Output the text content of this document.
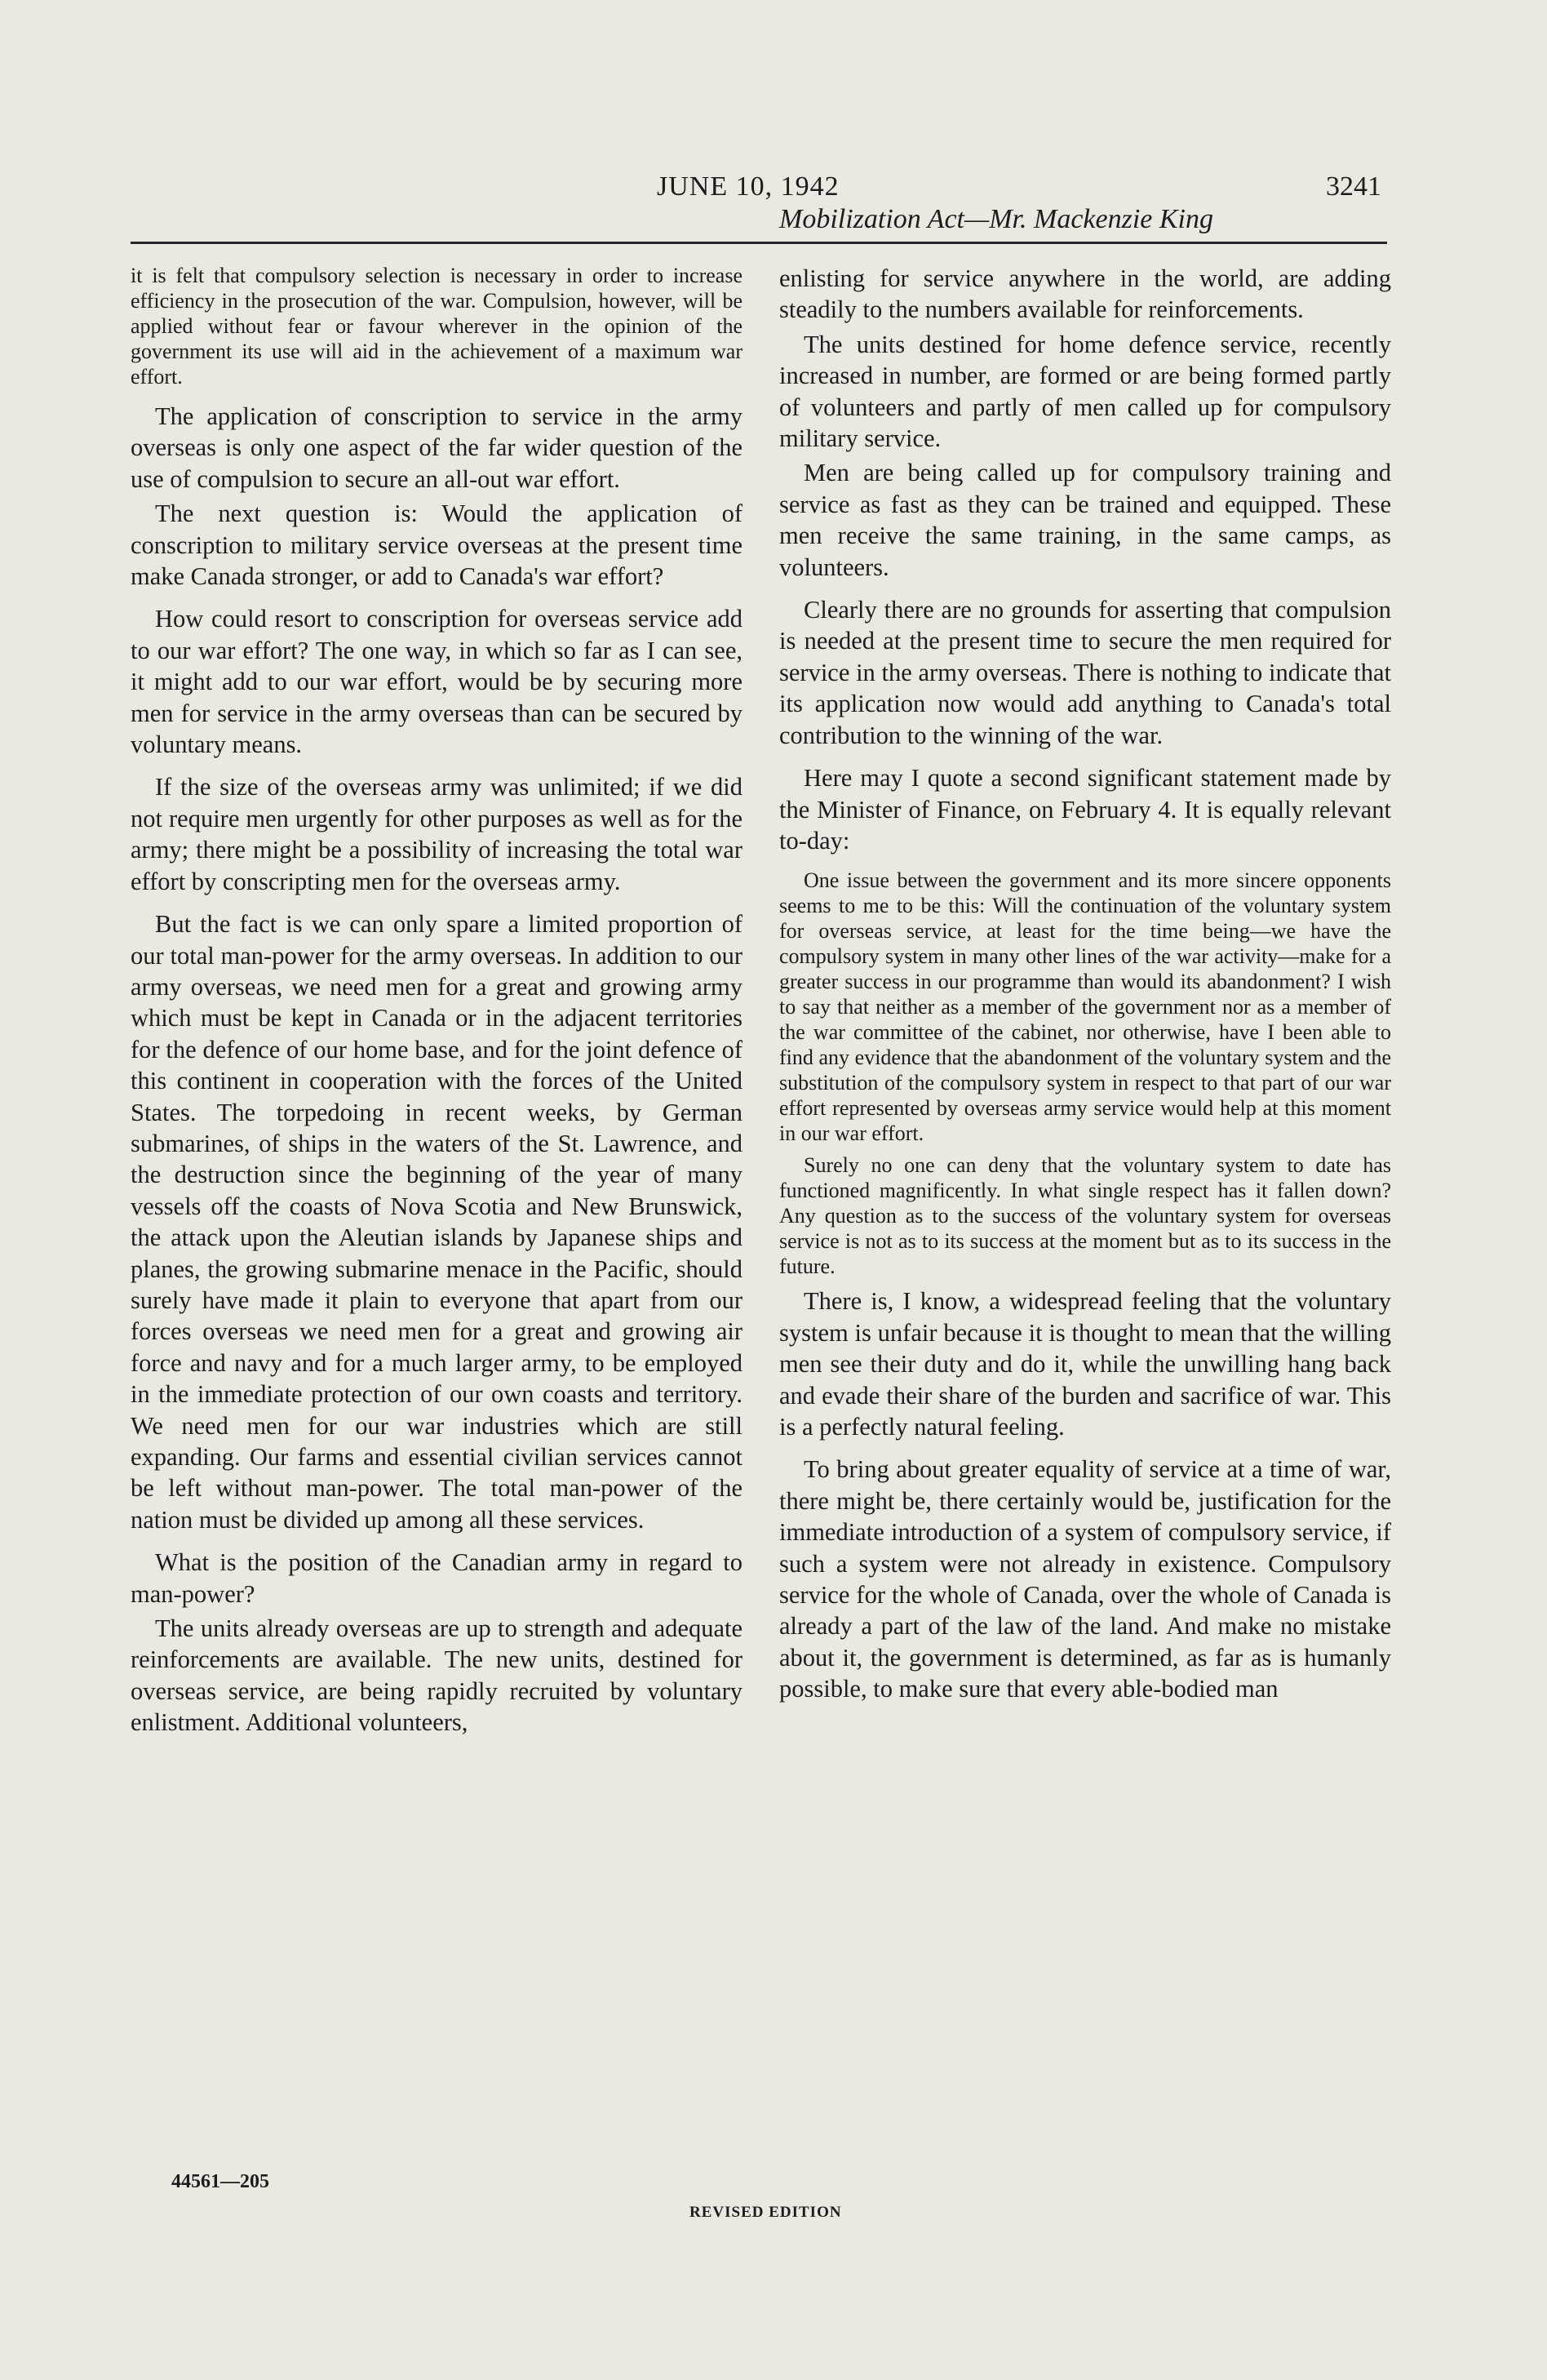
JUNE 10, 1942	3241
Mobilization Act—Mr. Mackenzie King

it is felt that compulsory selection is necessary in order to increase efficiency in the prosecution of the war. Compulsion, however, will be applied without fear or favour wherever in the opinion of the government its use will aid in the achievement of a maximum war effort.

The application of conscription to service in the army overseas is only one aspect of the far wider question of the use of compulsion to secure an all-out war effort.

The next question is: Would the application of conscription to military service overseas at the present time make Canada stronger, or add to Canada's war effort?

How could resort to conscription for overseas service add to our war effort? The one way, in which so far as I can see, it might add to our war effort, would be by securing more men for service in the army overseas than can be secured by voluntary means.

If the size of the overseas army was unlimited; if we did not require men urgently for other purposes as well as for the army; there might be a possibility of increasing the total war effort by conscripting men for the overseas army.

But the fact is we can only spare a limited proportion of our total man-power for the army overseas. In addition to our army overseas, we need men for a great and growing army which must be kept in Canada or in the adjacent territories for the defence of our home base, and for the joint defence of this continent in cooperation with the forces of the United States. The torpedoing in recent weeks, by German submarines, of ships in the waters of the St. Lawrence, and the destruction since the beginning of the year of many vessels off the coasts of Nova Scotia and New Brunswick, the attack upon the Aleutian islands by Japanese ships and planes, the growing submarine menace in the Pacific, should surely have made it plain to everyone that apart from our forces overseas we need men for a great and growing air force and navy and for a much larger army, to be employed in the immediate protection of our own coasts and territory. We need men for our war industries which are still expanding. Our farms and essential civilian services cannot be left without man-power. The total man-power of the nation must be divided up among all these services.

What is the position of the Canadian army in regard to man-power?

The units already overseas are up to strength and adequate reinforcements are available. The new units, destined for overseas service, are being rapidly recruited by voluntary enlistment. Additional volunteers,

enlisting for service anywhere in the world, are adding steadily to the numbers available for reinforcements.

The units destined for home defence service, recently increased in number, are formed or are being formed partly of volunteers and partly of men called up for compulsory military service.

Men are being called up for compulsory training and service as fast as they can be trained and equipped. These men receive the same training, in the same camps, as volunteers.

Clearly there are no grounds for asserting that compulsion is needed at the present time to secure the men required for service in the army overseas. There is nothing to indicate that its application now would add anything to Canada's total contribution to the winning of the war.

Here may I quote a second significant statement made by the Minister of Finance, on February 4. It is equally relevant to-day:

One issue between the government and its more sincere opponents seems to me to be this: Will the continuation of the voluntary system for overseas service, at least for the time being—we have the compulsory system in many other lines of the war activity—make for a greater success in our programme than would its abandonment? I wish to say that neither as a member of the government nor as a member of the war committee of the cabinet, nor otherwise, have I been able to find any evidence that the abandonment of the voluntary system and the substitution of the compulsory system in respect to that part of our war effort represented by overseas army service would help at this moment in our war effort.

Surely no one can deny that the voluntary system to date has functioned magnificently. In what single respect has it fallen down? Any question as to the success of the voluntary system for overseas service is not as to its success at the moment but as to its success in the future.

There is, I know, a widespread feeling that the voluntary system is unfair because it is thought to mean that the willing men see their duty and do it, while the unwilling hang back and evade their share of the burden and sacrifice of war. This is a perfectly natural feeling.

To bring about greater equality of service at a time of war, there might be, there certainly would be, justification for the immediate introduction of a system of compulsory service, if such a system were not already in existence. Compulsory service for the whole of Canada, over the whole of Canada is already a part of the law of the land. And make no mistake about it, the government is determined, as far as is humanly possible, to make sure that every able-bodied man

44561—205
REVISED EDITION
